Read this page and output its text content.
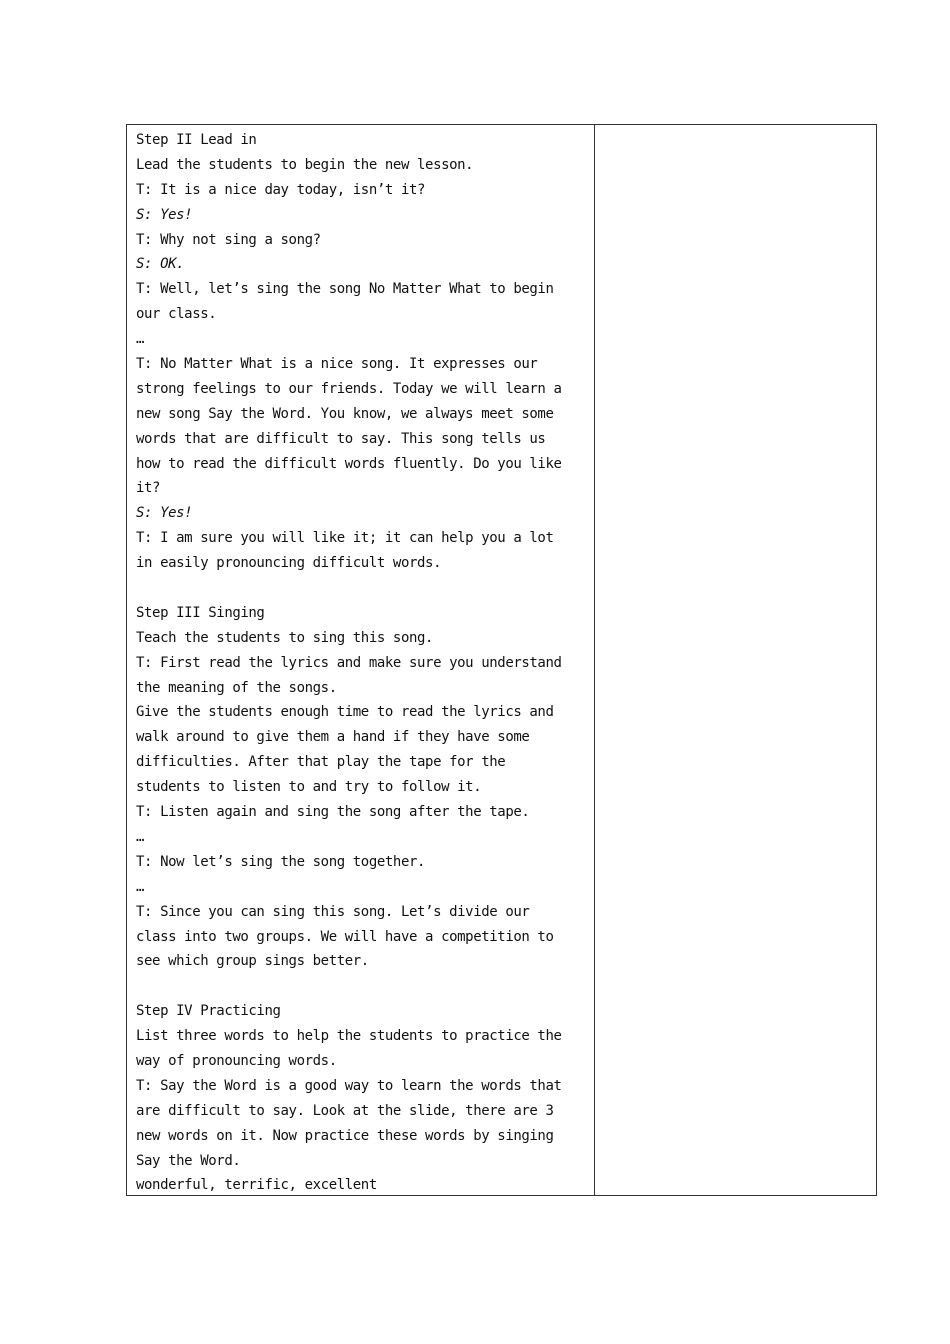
Step II Lead in
Lead the students to begin the new lesson.
T: It is a nice day today, isn’t it?
S: Yes!
T: Why not sing a song?
S: OK.
T: Well, let’s sing the song No Matter What to begin
our class.
…
T: No Matter What is a nice song. It expresses our
strong feelings to our friends. Today we will learn a
new song Say the Word. You know, we always meet some
words that are difficult to say. This song tells us
how to read the difficult words fluently. Do you like
it?
S: Yes!
T: I am sure you will like it; it can help you a lot
in easily pronouncing difficult words.
Step III Singing
Teach the students to sing this song.
T: First read the lyrics and make sure you understand
the meaning of the songs.
Give the students enough time to read the lyrics and
walk around to give them a hand if they have some
difficulties. After that play the tape for the
students to listen to and try to follow it.
T: Listen again and sing the song after the tape.
…
T: Now let’s sing the song together.
…
T: Since you can sing this song. Let’s divide our
class into two groups. We will have a competition to
see which group sings better.
Step IV Practicing
List three words to help the students to practice the
way of pronouncing words.
T: Say the Word is a good way to learn the words that
are difficult to say. Look at the slide, there are 3
new words on it. Now practice these words by singing
Say the Word.
wonderful, terrific, excellent
